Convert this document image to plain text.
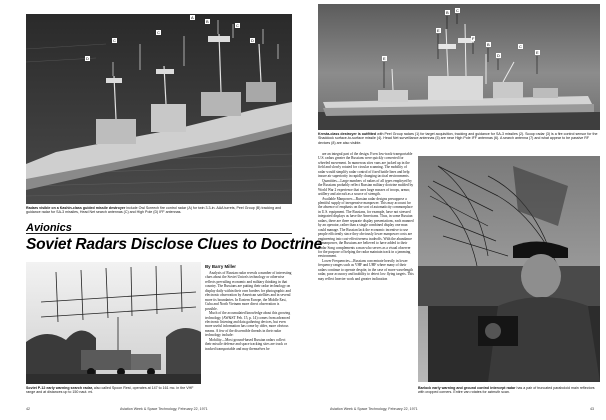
D
C
C
A
B
C
D
Radars visible on a Kashin-class guided missile destroyer include Owl Screech fire control radar (A) for twin 3.3-in. AAA turrets, Peel Group (B) tracking and guidance radar for SA-3 missiles, Head Net search antennas (C) and High Pole (D) IFF antennas.
Avionics
Soviet Radars Disclose Clues to Doctrine
Soviet P-12 early warning search radar, also called Spoon Rest, operates at 147 to 161 mc. in the VHF range and at distances up to 150 naut. mi.
By Barry Miller

Analysis of Russian radar reveals a number of interesting clues about the Soviet Union's technology or otherwise reflects prevailing economic and military thinking in that country. The Russians are putting their radar technology on display daily within their own borders for photographic and electronic observation by American satellites and in several more its boundaries. In Eastern Europe, the Middle East, Cuba and North Vietnam more direct observation is possible.

Much of the accumulated knowledge about this growing technology (AW&ST Feb. 15, p. 14) comes from advanced electronic listening and data gathering devices, but even more useful information has come by older, more obvious means. A few of the discernible threads in their radar technology include:

Mobility—Most ground-based Russian radars collect their missile defense and space tracking sites are truck or tracked transportable and may themselves be

42	Aviation Week & Space Technology, February 22, 1971
E
E
B C
F
B
D
C
E
Kresta-class destroyer is outfitted with Peel Group radars (1) for target acquisition, tracking and guidance for SA-3 missiles (2). Scoop radar (3) is a fire control sensor for the Shaddock surface-to-surface missile (4). Head Net surveillance antennas (5) are near High Pole IFF antennas (6). A search antenna (7) and what appear to be passive RF devices (8) are also visible.

are an integral part of the design. Even low-track-transportable U.S. radars greater the Russians were quickly converted for wheeled movement. In numerous sites vans are jacked up in the field and slowly rotated for circular scanning. The mobility of radar would simplify radar control of fixed battle lines and help insure air superiority in rapidly changing tactical environments.

Quantities—Large numbers of radars of all types employed by the Russians probably reflect Russian military doctrine molded by World War 2 experience that uses large masses of troops, armor, artillery and aircraft as a source of strength.

Available Manpower—Russian radar designs presuppose a plentiful supply of inexpensive manpower. This may account for the absence of emphasis on the sort of automaticity commonplace in U.S. equipment. The Russians, for example, have not stressed integrated displays as have the Americans. Thus, in some Russian radars, there are three separate display presentations, each manned by an operator, rather than a single combined display one man could manage. The Russian lack the economic incentive to use people efficiently since they obviously lower manpower costs are engineering into cost-effectiveness tradeoffs. With the abundance of manpower, the Russians are believed to have added to their Radar Song complements a man who serves as a visual observer for the purpose of helping the radar maintain track in a jamming environment.

Lower Frequencies—Russians concentrate heavily in lower frequency ranges such as VHF and UHF where many of their radars continue to operate despite, in the case of more wavelength radar, poor accuracy and inability to detect low flying targets. This may reflect heavier work and greater inclination

Barlock early warning and ground control intercept radar has a pair of truncated paraboloid main reflectors with cropped corners. Entire van rotates for azimuth scan.
Aviation Week & Space Technology, February 22, 1971	43
